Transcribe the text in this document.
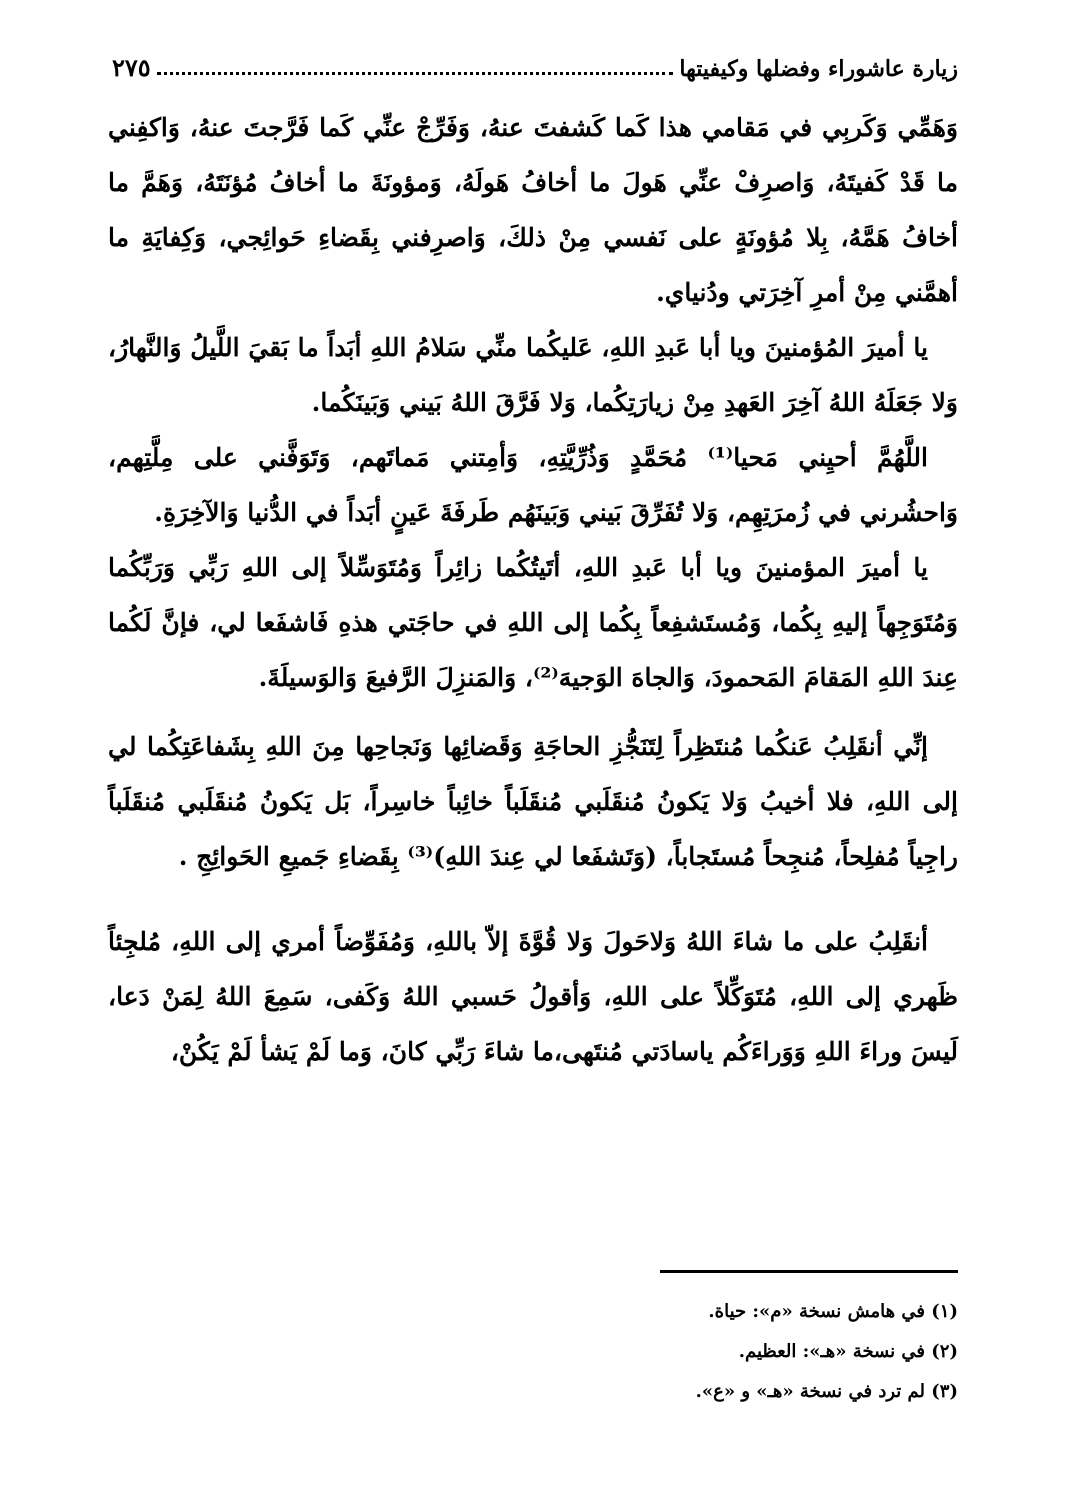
زيارة عاشوراء وفضلها وكيفيتها
٢٧٥

وَهَمِّي وَكَربِي في مَقامي هذا كَما كَشفتَ عنهُ، وَفَرِّجْ عنِّي كَما فَرَّجتَ عنهُ، وَاكفِني ما قَدْ كَفيتَهُ، وَاصرِفْ عنِّي هَولَ ما أخافُ هَولَهُ، وَمؤونَةَ ما أخافُ مُؤنَتَهُ، وَهَمَّ ما أخافُ هَمَّهُ، بِلا مُؤونَةٍ على نَفسي مِنْ ذلكَ، وَاصرِفني بِقَضاءِ حَوائِجي، وَكِفايَةِ ما أهمَّني مِنْ أمرِ آخِرَتي ودُنياي.

يا أميرَ المُؤمنينَ ويا أبا عَبدِ اللهِ، عَليكُما منِّي سَلامُ اللهِ أبَداً ما بَقيَ اللَّيلُ وَالنَّهارُ، وَلا جَعَلَهُ اللهُ آخِرَ العَهدِ مِنْ زيارَتِكُما، وَلا فَرَّقَ اللهُ بَيني وَبَينَكُما.

اللَّهُمَّ أحيِني مَحيا⁽¹⁾ مُحَمَّدٍ وَذُرِّيَّتِهِ، وَأمِتني مَماتَهم، وَتَوَفَّني على مِلَّتِهم، وَاحشُرني في زُمرَتِهِم، وَلا تُفَرِّقَ بَيني وَبَينَهُم طَرفَةَ عَينٍ أبَداً في الدُّنيا وَالآخِرَةِ.

يا أميرَ المؤمنينَ ويا أبا عَبدِ اللهِ، أتَيتُكُما زائِراً وَمُتَوَسِّلاً إلى اللهِ رَبِّي وَرَبِّكُما وَمُتَوَجِهاً إليهِ بِكُما، وَمُستَشفِعاً بِكُما إلى اللهِ في حاجَتي هذهِ فَاشفَعا لي، فإنَّ لَكُما عِندَ اللهِ المَقامَ المَحمودَ، وَالجاهَ الوَجيهَ⁽²⁾، وَالمَنزِلَ الرَّفيعَ وَالوَسيلَةَ.

إنِّي أنقَلِبُ عَنكُما مُنتَظِراً لِتَنَجُّزِ الحاجَةِ وَقَضائِها وَنَجاحِها مِنَ اللهِ بِشَفاعَتِكُما لي إلى اللهِ، فلا أخيبُ وَلا يَكونُ مُنقَلَبي مُنقَلَباً خائِباً خاسِراً، بَل يَكونُ مُنقَلَبي مُنقَلَباً راجِياً مُفلِحاً، مُنجِحاً مُستَجاباً، (وَتَشفَعا لي عِندَ اللهِ)⁽³⁾ بِقَضاءِ جَميعِ الحَوائِجِ .

أنقَلِبُ على ما شاءَ اللهُ وَلاحَولَ وَلا قُوَّةَ إلاّ باللهِ، وَمُفَوِّضاً أمري إلى اللهِ، مُلجِئاً ظَهري إلى اللهِ، مُتَوَكِّلاً على اللهِ، وَأقولُ حَسبي اللهُ وَكَفى، سَمِعَ اللهُ لِمَنْ دَعا، لَيسَ وراءَ اللهِ وَوَراءَكُم ياسادَتي مُنتَهى،ما شاءَ رَبِّي كانَ، وَما لَمْ يَشأ لَمْ يَكُنْ،

(١) في هامش نسخة «م»: حياة.

(٢) في نسخة «هـ»: العظيم.

(٣) لم ترد في نسخة «هـ» و «ع».
